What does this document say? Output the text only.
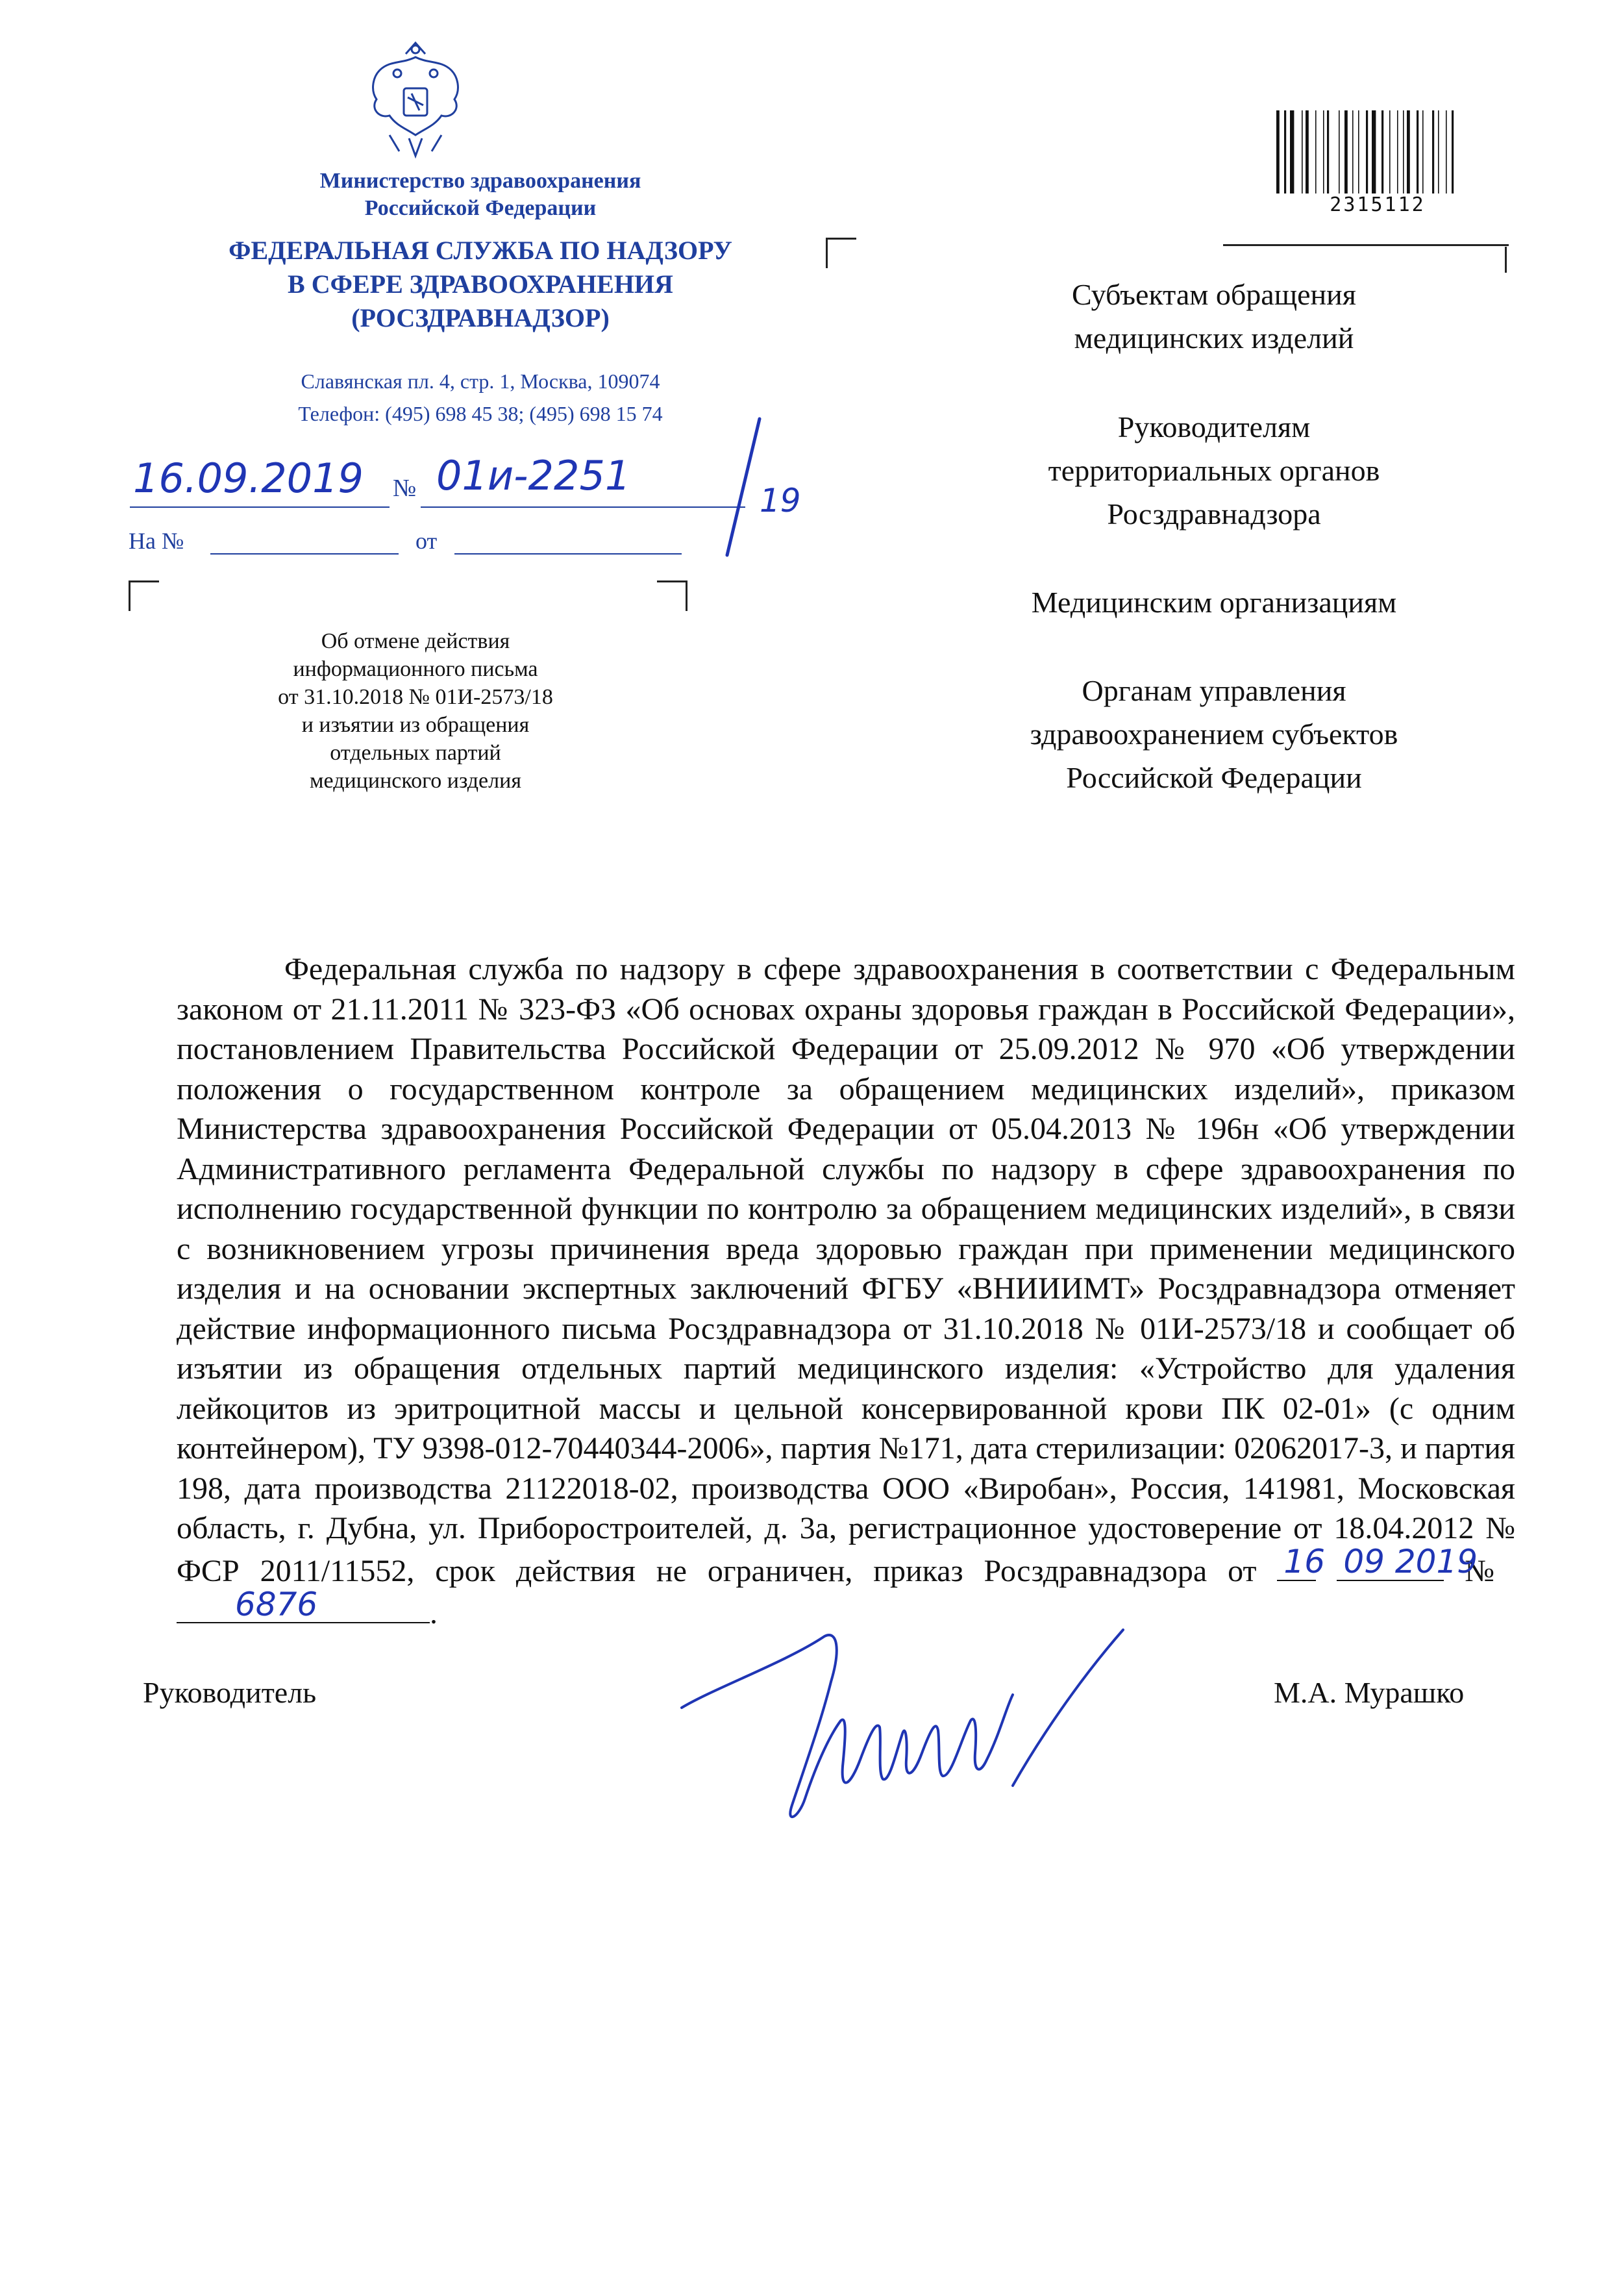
Министерство здравоохранения
Российской Федерации
ФЕДЕРАЛЬНАЯ СЛУЖБА ПО НАДЗОРУ
В СФЕРЕ ЗДРАВООХРАНЕНИЯ
(РОСЗДРАВНАДЗОР)
Славянская пл. 4, стр. 1, Москва, 109074
Телефон: (495) 698 45 38; (495) 698 15 74
16.09.2019 № 01и-2251
19
На №	от
Об отмене действия
информационного письма
от 31.10.2018 № 01И-2573/18
и изъятии из обращения
отдельных партий
медицинского изделия
2315112
Субъектам обращения
медицинских изделий
Руководителям
территориальных органов
Росздравнадзора
Медицинским организациям
Органам управления
здравоохранением субъектов
Российской Федерации
Федеральная служба по надзору в сфере здравоохранения в соответствии с Федеральным законом от 21.11.2011 № 323-ФЗ «Об основах охраны здоровья граждан в Российской Федерации», постановлением Правительства Российской Федерации от 25.09.2012 № 970 «Об утверждении положения о государственном контроле за обращением медицинских изделий», приказом Министерства здравоохранения Российской Федерации от 05.04.2013 № 196н «Об утверждении Административного регламента Федеральной службы по надзору в сфере здравоохранения по исполнению государственной функции по контролю за обращением медицинских изделий», в связи с возникновением угрозы причинения вреда здоровью граждан при применении медицинского изделия и на основании экспертных заключений ФГБУ «ВНИИИМТ» Росздравнадзора отменяет действие информационного письма Росздравнадзора от 31.10.2018 № 01И-2573/18 и сообщает об изъятии из обращения отдельных партий медицинского изделия: «Устройство для удаления лейкоцитов из эритроцитной массы и цельной консервированной крови ПК 02-01» (с одним контейнером), ТУ 9398-012-70440344-2006», партия №171, дата стерилизации: 02062017-3, и партия 198, дата производства 21122018-02, производства ООО «Виробан», Россия, 141981, Московская область, г. Дубна, ул. Приборостроителей, д. 3а, регистрационное удостоверение от 18.04.2012 № ФСР 2011/11552, срок действия не ограничен, приказ Росздравнадзора от 16
09 2019
№
6876	.
Руководитель	М.А. Мурашко
